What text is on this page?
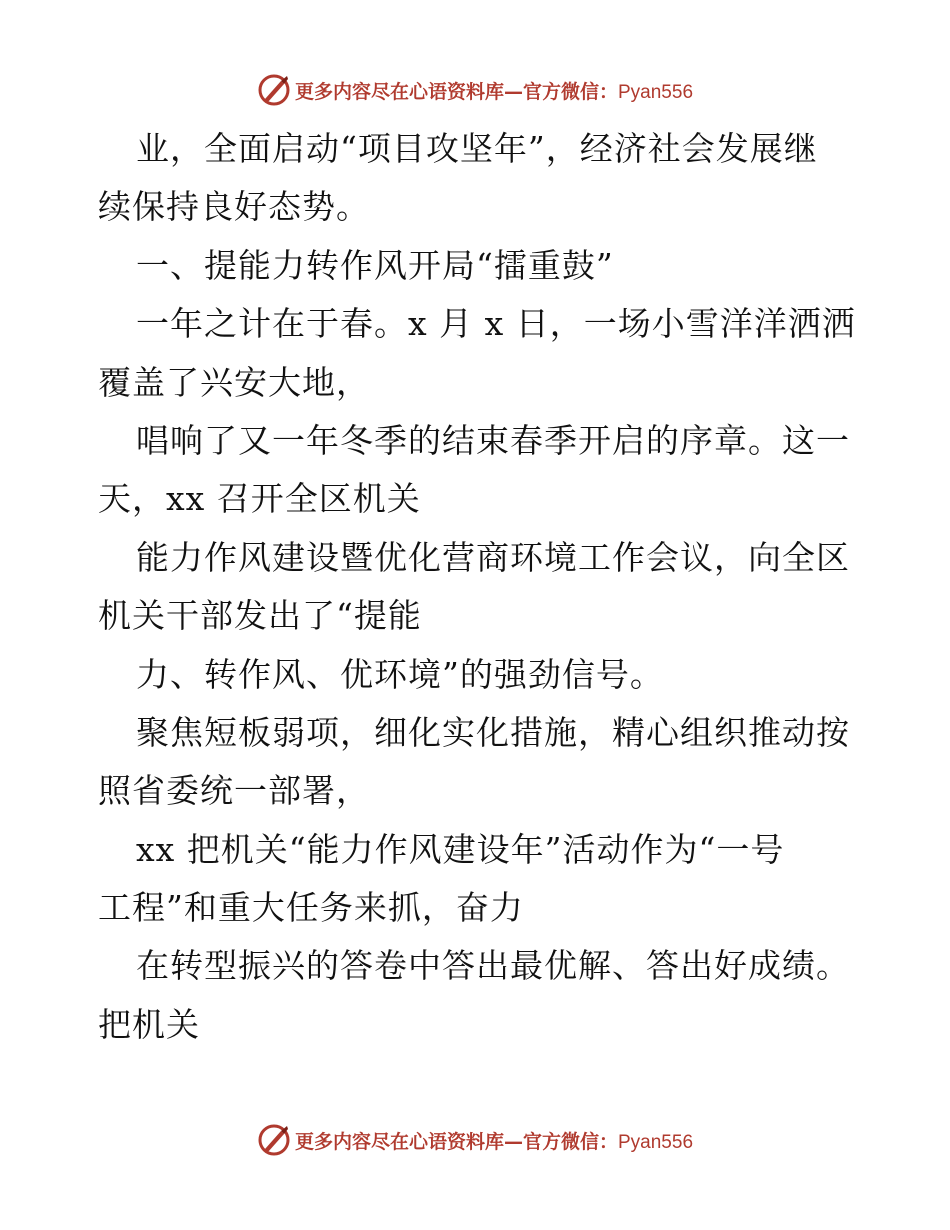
更多内容尽在心语资料库—官方微信：Pyan556
业，全面启动“项目攻坚年”，经济社会发展继
续保持良好态势。
一、提能力转作风开局“擂重鼓”
一年之计在于春。x 月 x 日，一场小雪洋洋洒洒
覆盖了兴安大地，
唱响了又一年冬季的结束春季开启的序章。这一
天，xx 召开全区机关
能力作风建设暨优化营商环境工作会议，向全区
机关干部发出了“提能
力、转作风、优环境”的强劲信号。
聚焦短板弱项，细化实化措施，精心组织推动按
照省委统一部署，
xx 把机关“能力作风建设年”活动作为“一号
工程”和重大任务来抓，奋力
在转型振兴的答卷中答出最优解、答出好成绩。
把机关
更多内容尽在心语资料库—官方微信：Pyan556
